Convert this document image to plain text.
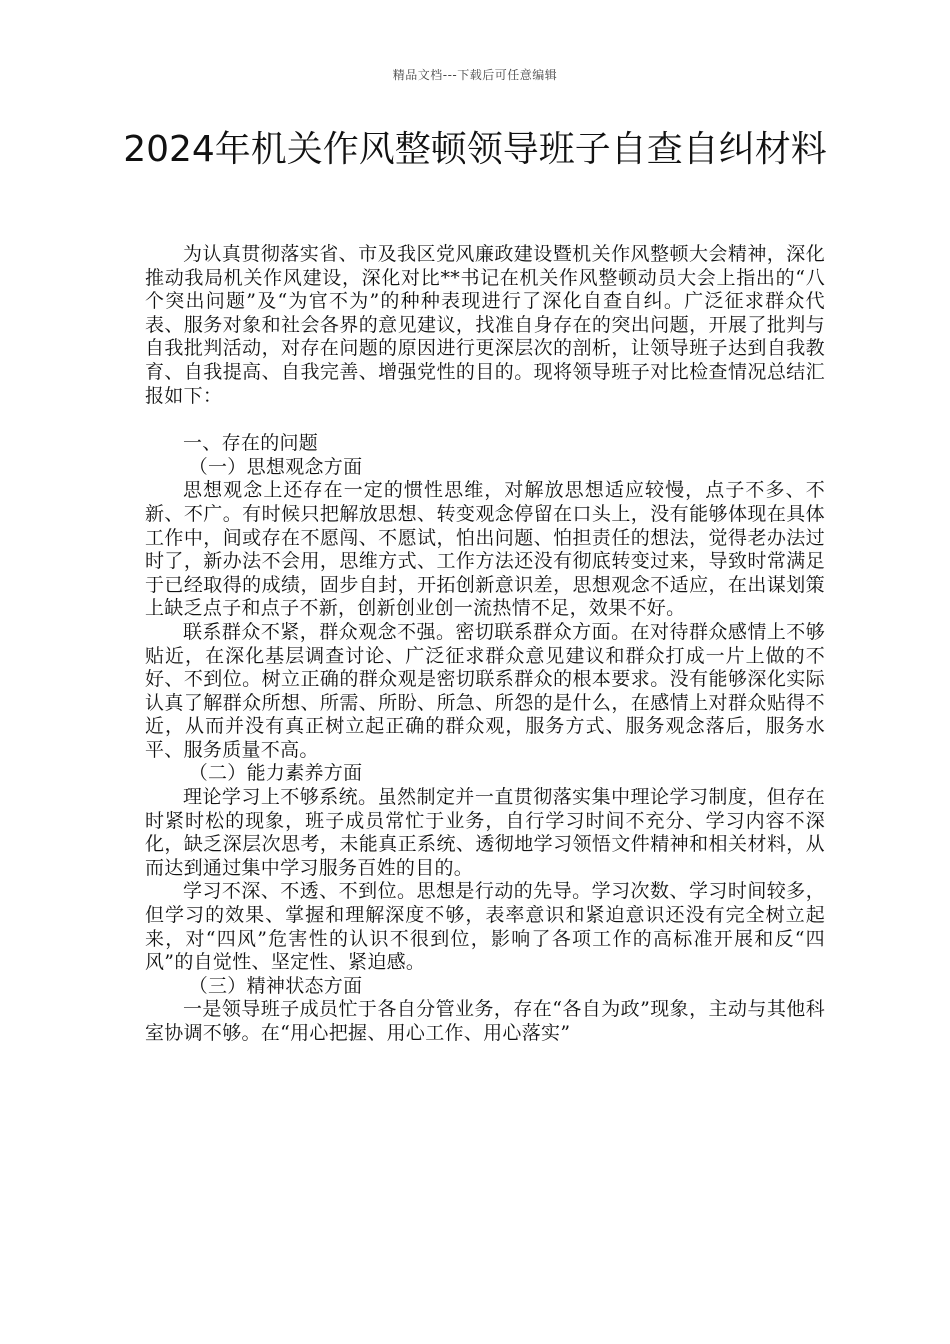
精品文档---下载后可任意编辑
2024年机关作风整顿领导班子自查自纠材料

为认真贯彻落实省、市及我区党风廉政建设暨机关作风整顿大会精神，深化推动我局机关作风建设，深化对比**书记在机关作风整顿动员大会上指出的“八个突出问题”及“为官不为”的种种表现进行了深化自查自纠。广泛征求群众代表、服务对象和社会各界的意见建议，找准自身存在的突出问题，开展了批判与自我批判活动，对存在问题的原因进行更深层次的剖析，让领导班子达到自我教育、自我提高、自我完善、增强党性的目的。现将领导班子对比检查情况总结汇报如下：

一、存在的问题

（一）思想观念方面

思想观念上还存在一定的惯性思维，对解放思想适应较慢，点子不多、不新、不广。有时候只把解放思想、转变观念停留在口头上，没有能够体现在具体工作中，间或存在不愿闯、不愿试，怕出问题、怕担责任的想法，觉得老办法过时了，新办法不会用，思维方式、工作方法还没有彻底转变过来，导致时常满足于已经取得的成绩，固步自封，开拓创新意识差，思想观念不适应，在出谋划策上缺乏点子和点子不新，创新创业创一流热情不足，效果不好。

联系群众不紧，群众观念不强。密切联系群众方面。在对待群众感情上不够贴近，在深化基层调查讨论、广泛征求群众意见建议和群众打成一片上做的不好、不到位。树立正确的群众观是密切联系群众的根本要求。没有能够深化实际认真了解群众所想、所需、所盼、所急、所怨的是什么，在感情上对群众贴得不近，从而并没有真正树立起正确的群众观，服务方式、服务观念落后，服务水平、服务质量不高。

（二）能力素养方面

理论学习上不够系统。虽然制定并一直贯彻落实集中理论学习制度，但存在时紧时松的现象，班子成员常忙于业务，自行学习时间不充分、学习内容不深化，缺乏深层次思考，未能真正系统、透彻地学习领悟文件精神和相关材料，从而达到通过集中学习服务百姓的目的。

学习不深、不透、不到位。思想是行动的先导。学习次数、学习时间较多，但学习的效果、掌握和理解深度不够，表率意识和紧迫意识还没有完全树立起来，对“四风”危害性的认识不很到位，影响了各项工作的高标准开展和反“四风”的自觉性、坚定性、紧迫感。

（三）精神状态方面

一是领导班子成员忙于各自分管业务，存在“各自为政”现象，主动与其他科室协调不够。在“用心把握、用心工作、用心落实”
